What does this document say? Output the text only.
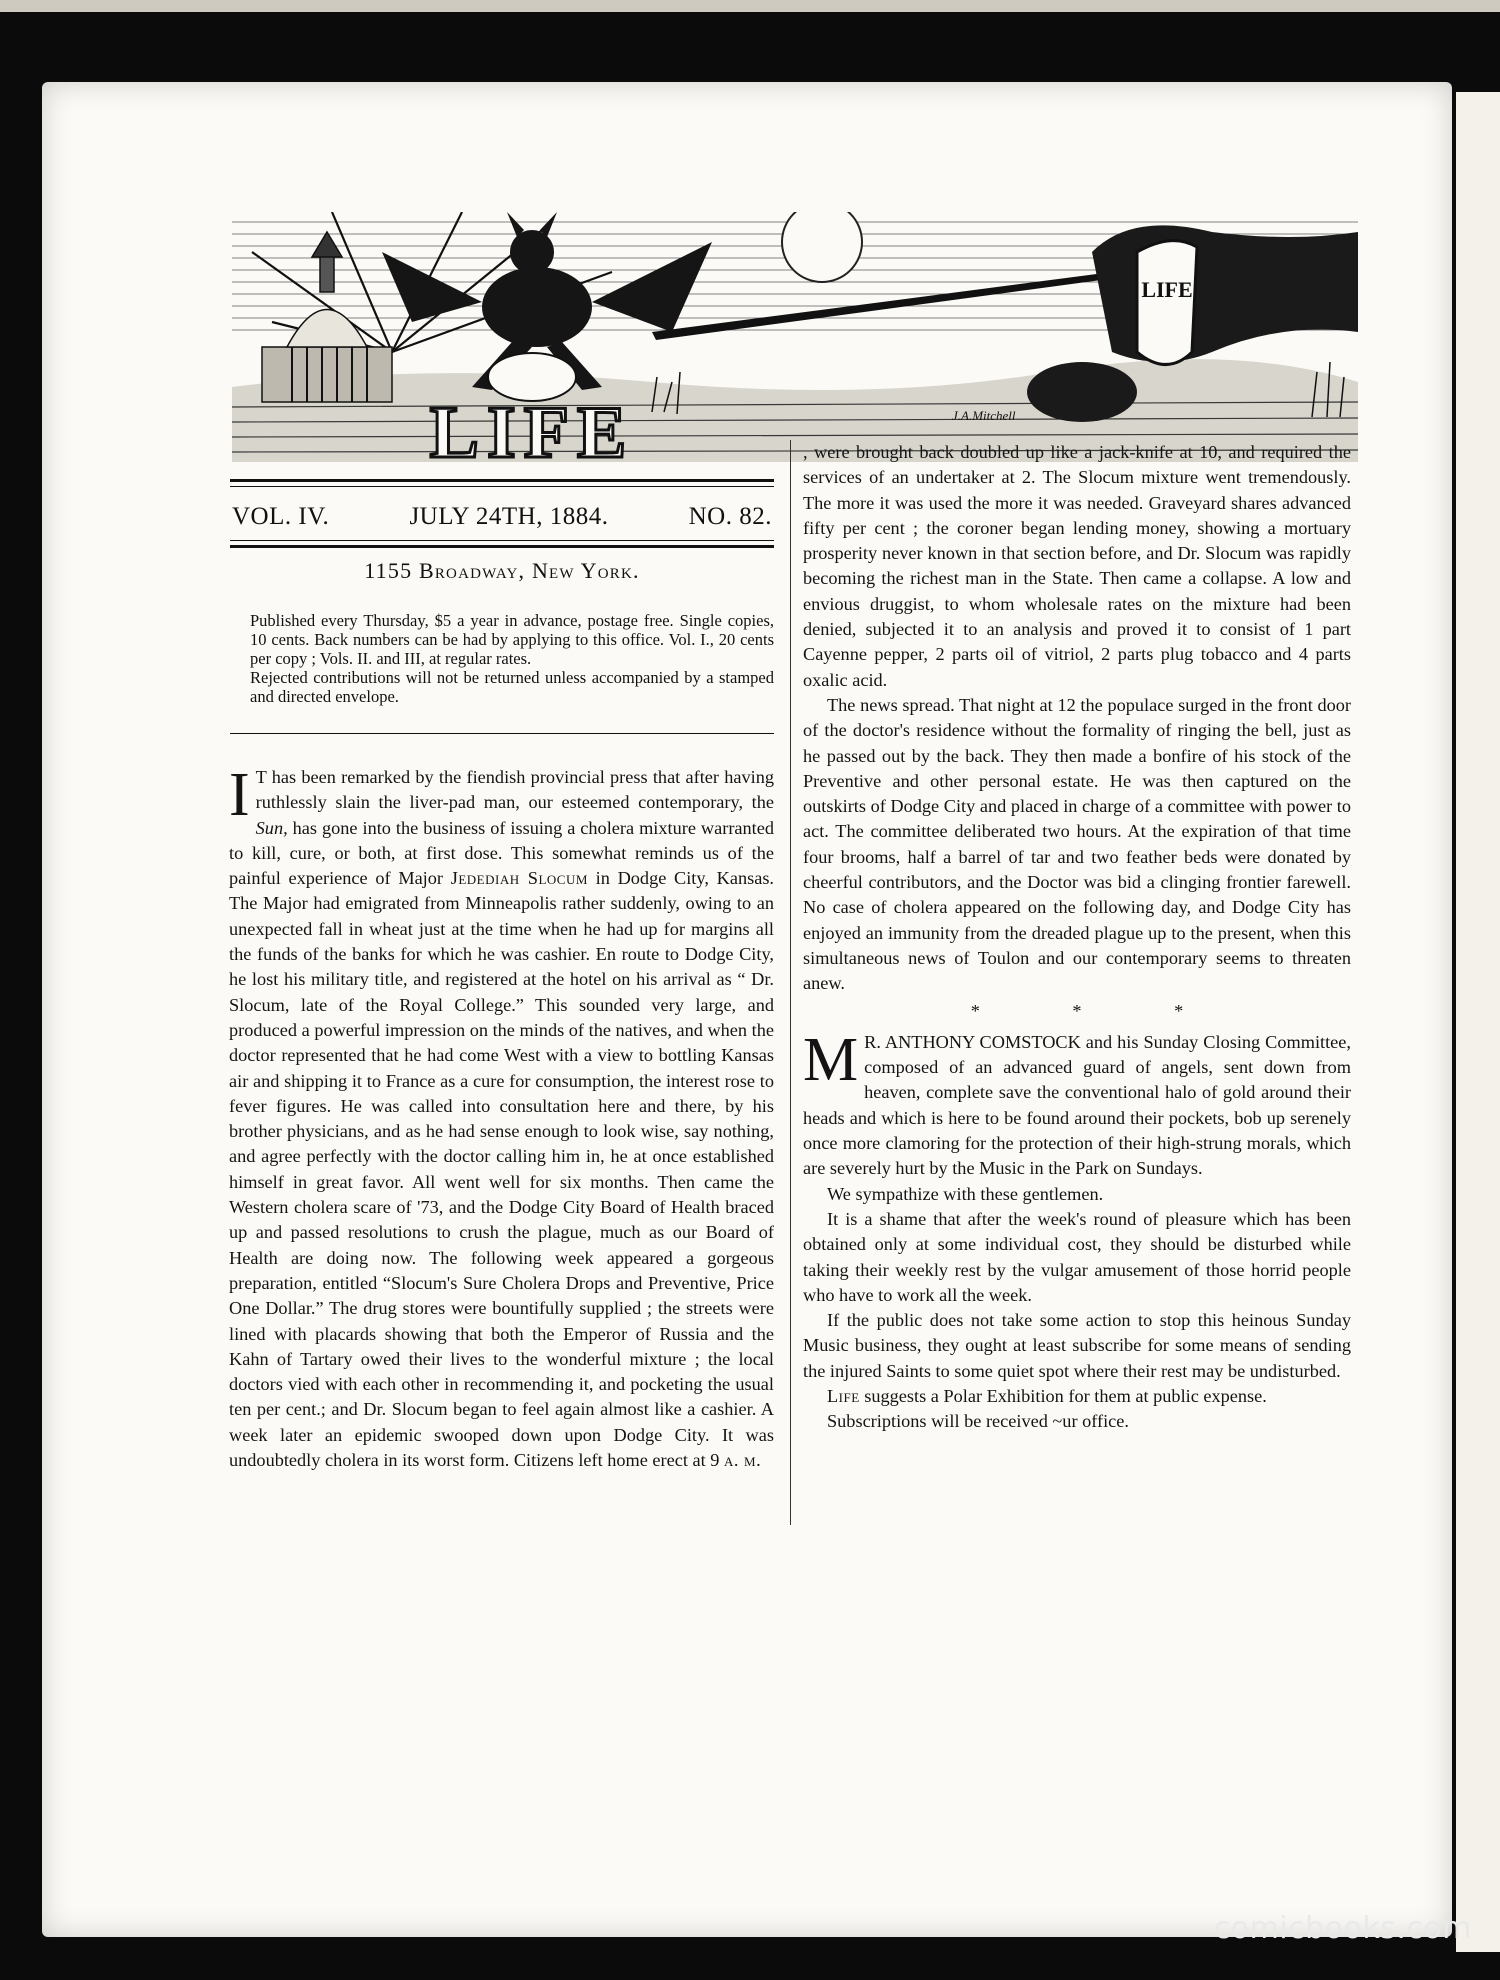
LIFE
LIFE	J.A.Mitchell
VOL. IV.	JULY 24TH, 1884.	NO. 82.
1155 Broadway, New York.

Published every Thursday, $5 a year in advance, postage free. Single copies, 10 cents. Back numbers can be had by applying to this office. Vol. I., 20 cents per copy ; Vols. II. and III, at regular rates.

Rejected contributions will not be returned unless accompanied by a stamped and directed envelope.

I T has been remarked by the fiendish provincial press that after having ruthlessly slain the liver-pad man, our esteemed contemporary, the Sun, has gone into the business of issuing a cholera mixture warranted to kill, cure, or both, at first dose. This somewhat reminds us of the painful experience of Major Jedediah Slocum in Dodge City, Kansas. The Major had emigrated from Minneapolis rather suddenly, owing to an unexpected fall in wheat just at the time when he had up for margins all the funds of the banks for which he was cashier. En route to Dodge City, he lost his military title, and registered at the hotel on his arrival as “ Dr. Slocum, late of the Royal College.” This sounded very large, and produced a powerful impression on the minds of the natives, and when the doctor represented that he had come West with a view to bottling Kansas air and shipping it to France as a cure for consumption, the interest rose to fever figures. He was called into consultation here and there, by his brother physicians, and as he had sense enough to look wise, say nothing, and agree perfectly with the doctor calling him in, he at once established himself in great favor. All went well for six months. Then came the Western cholera scare of '73, and the Dodge City Board of Health braced up and passed resolutions to crush the plague, much as our Board of Health are doing now. The following week appeared a gorgeous preparation, entitled “Slocum's Sure Cholera Drops and Preventive, Price One Dollar.” The drug stores were bountifully supplied ; the streets were lined with placards showing that both the Emperor of Russia and the Kahn of Tartary owed their lives to the wonderful mixture ; the local doctors vied with each other in recommending it, and pocketing the usual ten per cent.; and Dr. Slocum began to feel again almost like a cashier. A week later an epidemic swooped down upon Dodge City. It was undoubtedly cholera in its worst form. Citizens left home erect at 9 a. m.

, were brought back doubled up like a jack-knife at 10, and required the services of an undertaker at 2. The Slocum mixture went tremendously. The more it was used the more it was needed. Graveyard shares advanced fifty per cent ; the coroner began lending money, showing a mortuary prosperity never known in that section before, and Dr. Slocum was rapidly becoming the richest man in the State. Then came a collapse. A low and envious druggist, to whom wholesale rates on the mixture had been denied, subjected it to an analysis and proved it to consist of 1 part Cayenne pepper, 2 parts oil of vitriol, 2 parts plug tobacco and 4 parts oxalic acid.

The news spread. That night at 12 the populace surged in the front door of the doctor's residence without the formality of ringing the bell, just as he passed out by the back. They then made a bonfire of his stock of the Preventive and other personal estate. He was then captured on the outskirts of Dodge City and placed in charge of a committee with power to act. The committee deliberated two hours. At the expiration of that time four brooms, half a barrel of tar and two feather beds were donated by cheerful contributors, and the Doctor was bid a clinging frontier farewell. No case of cholera appeared on the following day, and Dodge City has enjoyed an immunity from the dreaded plague up to the present, when this simultaneous news of Toulon and our contemporary seems to threaten anew.

* * *

M R. ANTHONY COMSTOCK and his Sunday Closing Committee, composed of an advanced guard of angels, sent down from heaven, complete save the conventional halo of gold around their heads and which is here to be found around their pockets, bob up serenely once more clamoring for the protection of their high-strung morals, which are severely hurt by the Music in the Park on Sundays.

We sympathize with these gentlemen.

It is a shame that after the week's round of pleasure which has been obtained only at some individual cost, they should be disturbed while taking their weekly rest by the vulgar amusement of those horrid people who have to work all the week.

If the public does not take some action to stop this heinous Sunday Music business, they ought at least subscribe for some means of sending the injured Saints to some quiet spot where their rest may be undisturbed.

Life suggests a Polar Exhibition for them at public expense.

Subscriptions will be received ~ur office.

comicbooks.com
